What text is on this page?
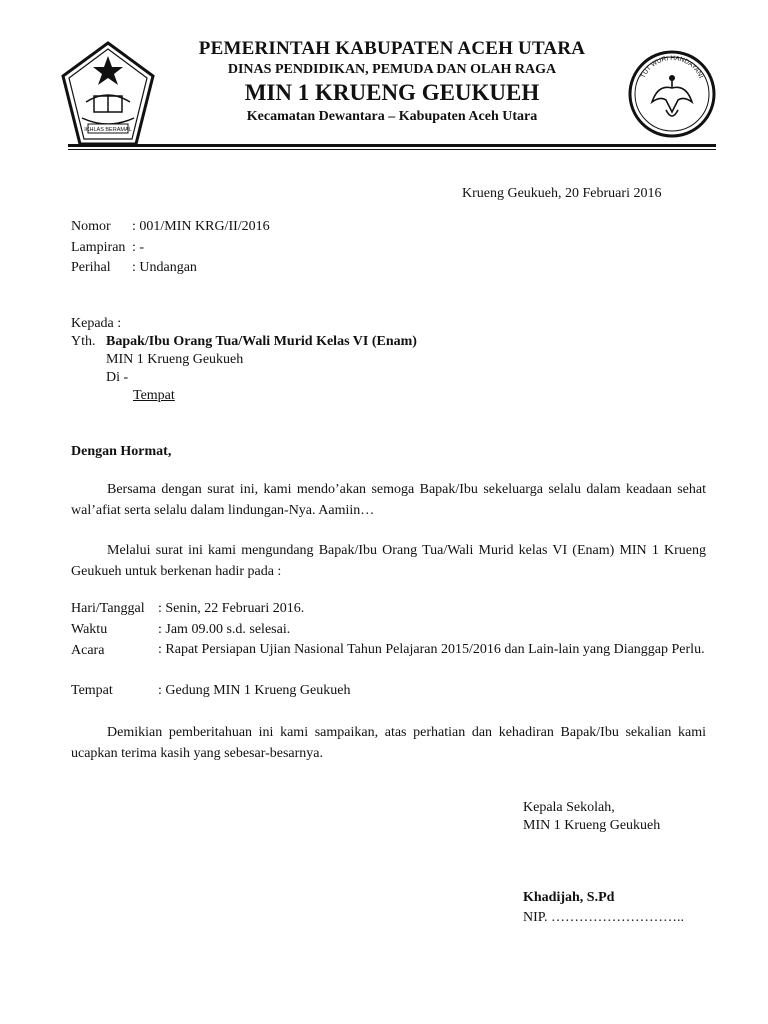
IKHLAS BERAMAL
TUT WURI HANDAYANI
PEMERINTAH KABUPATEN ACEH UTARA
DINAS PENDIDIKAN, PEMUDA DAN OLAH RAGA
MIN 1 KRUENG GEUKUEH
Kecamatan Dewantara – Kabupaten Aceh Utara
Krueng Geukueh, 20 Februari 2016
Nomor : 001/MIN KRG/II/2016
Lampiran : -
Perihal : Undangan
Kepada :
Yth. Bapak/Ibu Orang Tua/Wali Murid Kelas VI (Enam)
MIN 1 Krueng Geukueh
Di -
Tempat
Dengan Hormat,
Bersama dengan surat ini, kami mendo’akan semoga Bapak/Ibu sekeluarga selalu dalam keadaan sehat wal’afiat serta selalu dalam lindungan-Nya. Aamiin…
Melalui surat ini kami mengundang Bapak/Ibu Orang Tua/Wali Murid kelas VI (Enam) MIN 1 Krueng Geukueh untuk berkenan hadir pada :
Hari/Tanggal : Senin, 22 Februari 2016.
Waktu	: Jam 09.00 s.d. selesai.
Acara	: Rapat Persiapan Ujian Nasional Tahun Pelajaran 2015/2016 dan Lain-lain yang Dianggap Perlu.
Tempat	: Gedung MIN 1 Krueng Geukueh
Demikian pemberitahuan ini kami sampaikan, atas perhatian dan kehadiran Bapak/Ibu sekalian kami ucapkan terima kasih yang sebesar-besarnya.
Kepala Sekolah,
MIN 1 Krueng Geukueh
Khadijah, S.Pd
NIP. ………………………..
